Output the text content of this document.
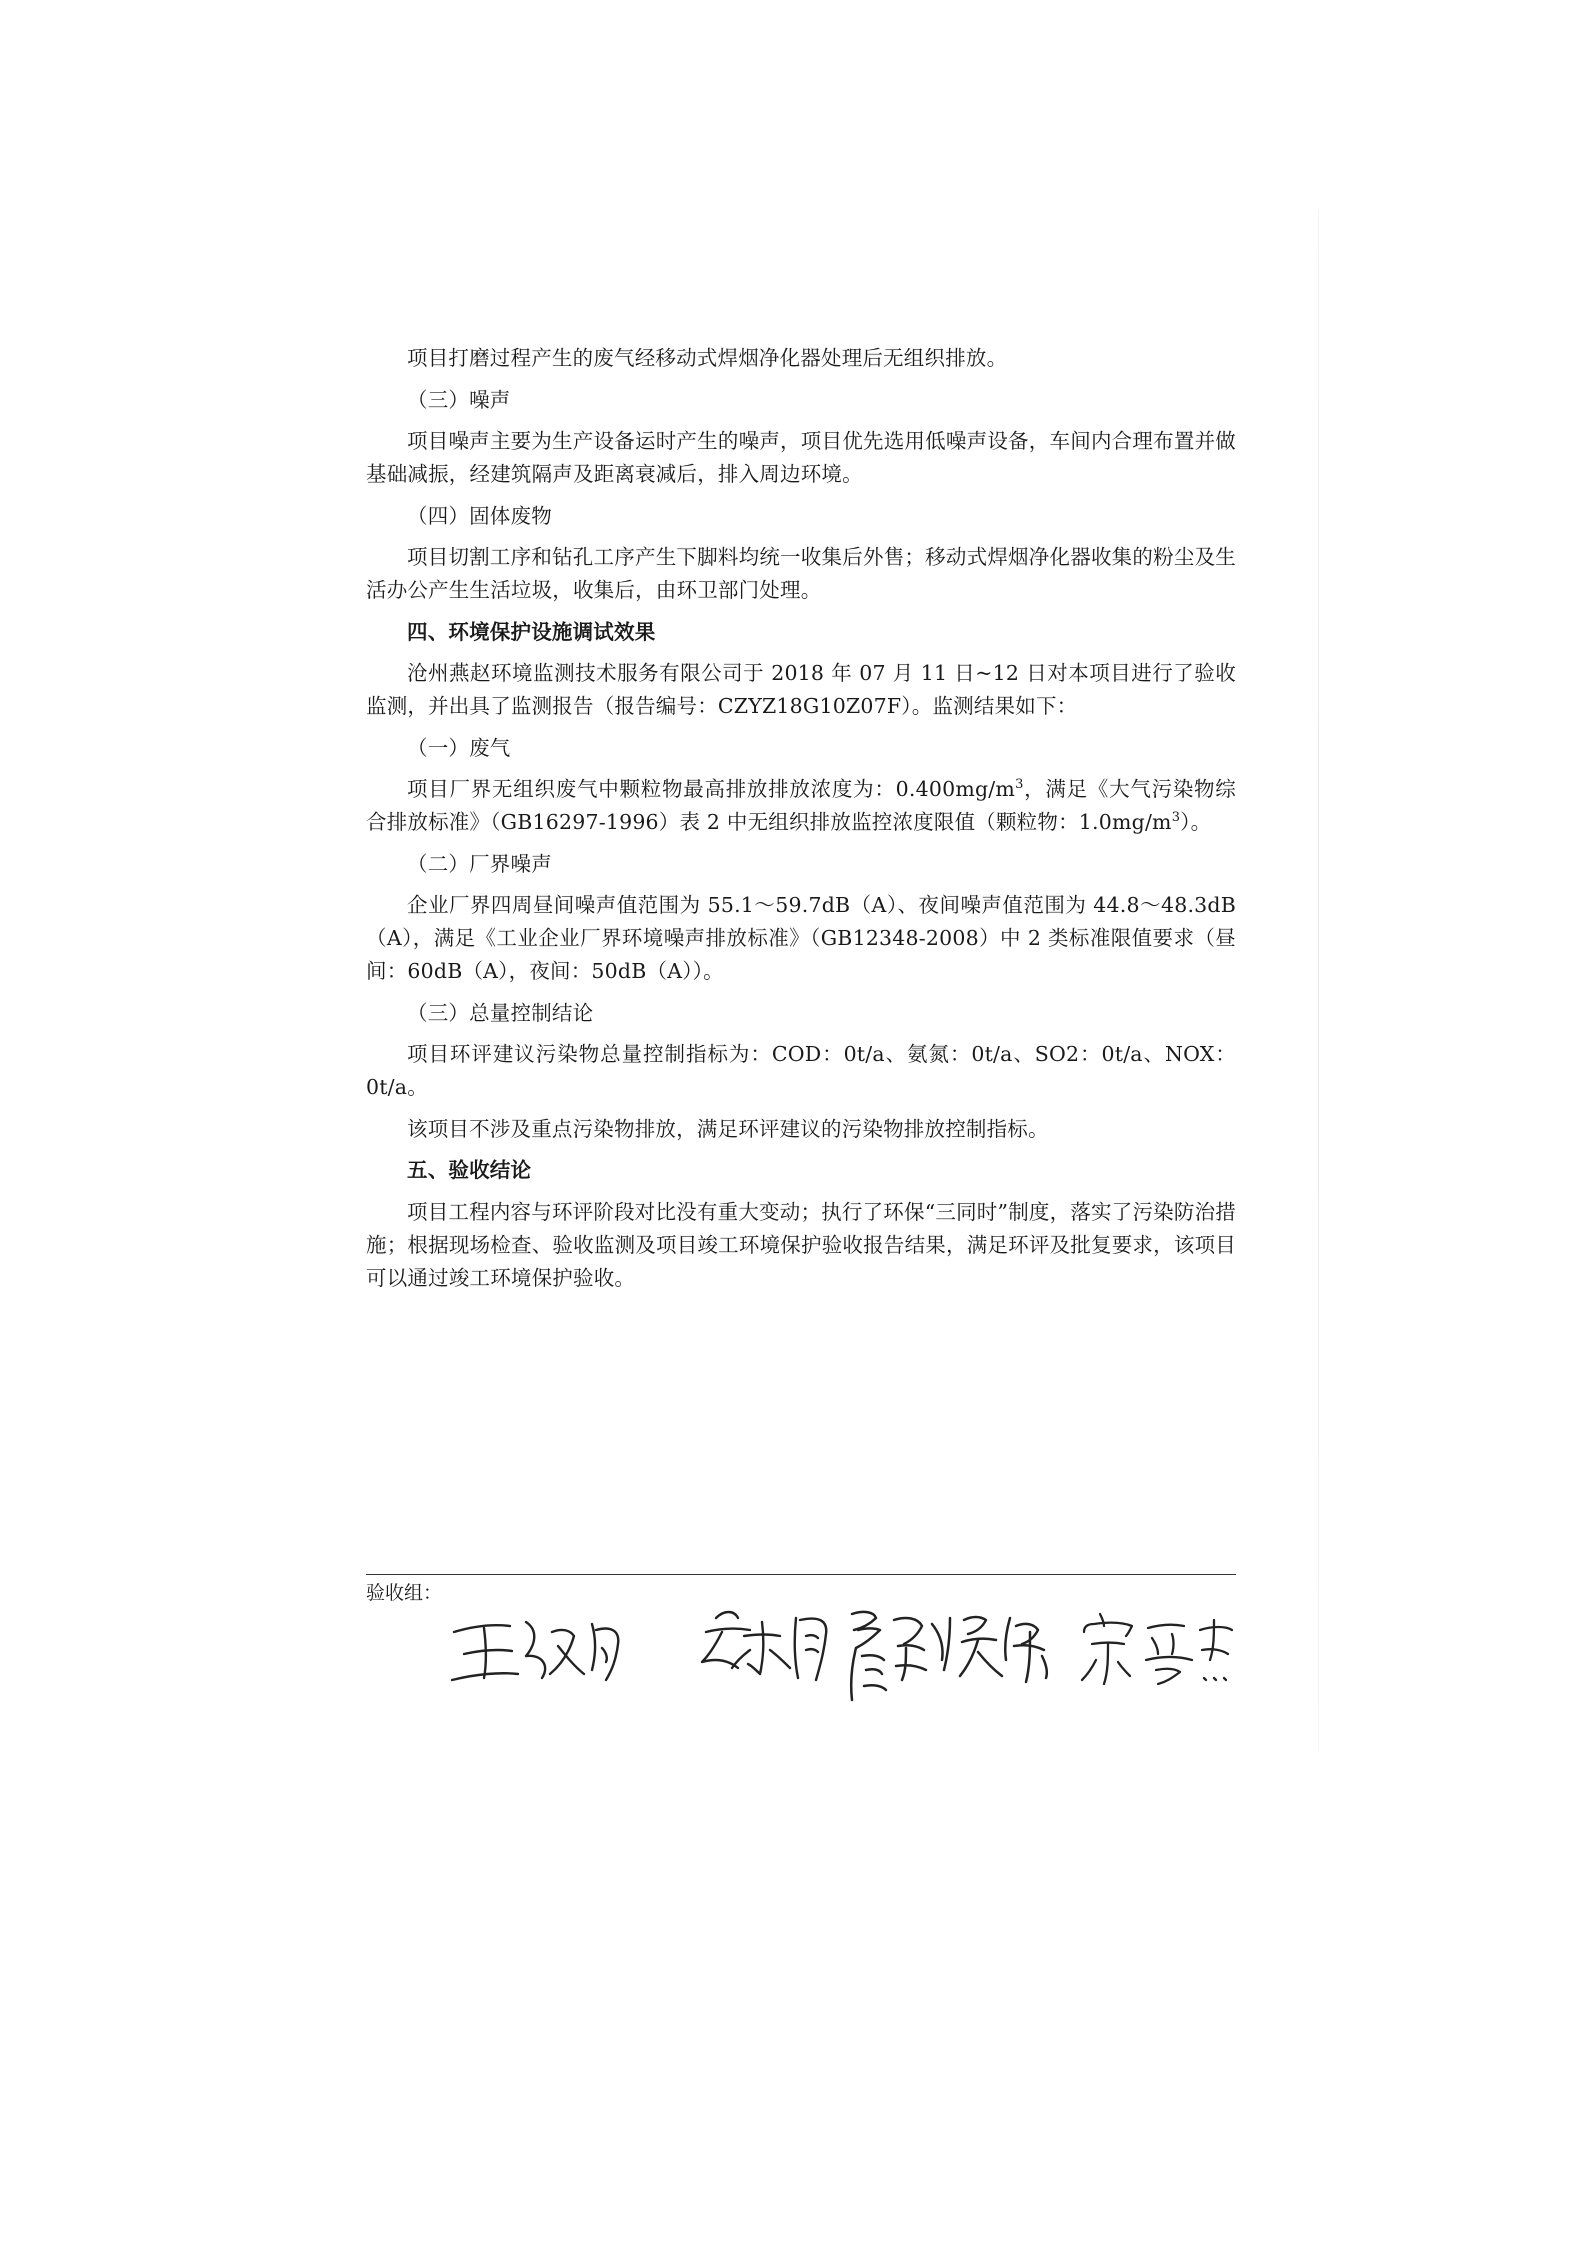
项目打磨过程产生的废气经移动式焊烟净化器处理后无组织排放。

（三）噪声

项目噪声主要为生产设备运时产生的噪声，项目优先选用低噪声设备，车间内合理布置并做基础减振，经建筑隔声及距离衰减后，排入周边环境。

（四）固体废物

项目切割工序和钻孔工序产生下脚料均统一收集后外售；移动式焊烟净化器收集的粉尘及生活办公产生生活垃圾，收集后，由环卫部门处理。

四、环境保护设施调试效果

沧州燕赵环境监测技术服务有限公司于 2018 年 07 月 11 日~12 日对本项目进行了验收监测，并出具了监测报告（报告编号：CZYZ18G10Z07F）。监测结果如下：

（一）废气

项目厂界无组织废气中颗粒物最高排放排放浓度为：$0.400mg/m^3$，满足《大气污染物综合排放标准》（GB16297-1996）表 2 中无组织排放监控浓度限值（颗粒物：$1.0mg/m^3$）。

（二）厂界噪声

企业厂界四周昼间噪声值范围为 55.1～59.7dB（A）、夜间噪声值范围为 44.8～48.3dB（A），满足《工业企业厂界环境噪声排放标准》（GB12348-2008）中 2 类标准限值要求（昼间：60dB（A），夜间：50dB（A））。

（三）总量控制结论

项目环评建议污染物总量控制指标为：COD：0t/a、氨氮：0t/a、SO2：0t/a、NOX：0t/a。

该项目不涉及重点污染物排放，满足环评建议的污染物排放控制指标。

五、验收结论

项目工程内容与环评阶段对比没有重大变动；执行了环保“三同时”制度，落实了污染防治措施；根据现场检查、验收监测及项目竣工环境保护验收报告结果，满足环评及批复要求，该项目可以通过竣工环境保护验收。

验收组：
